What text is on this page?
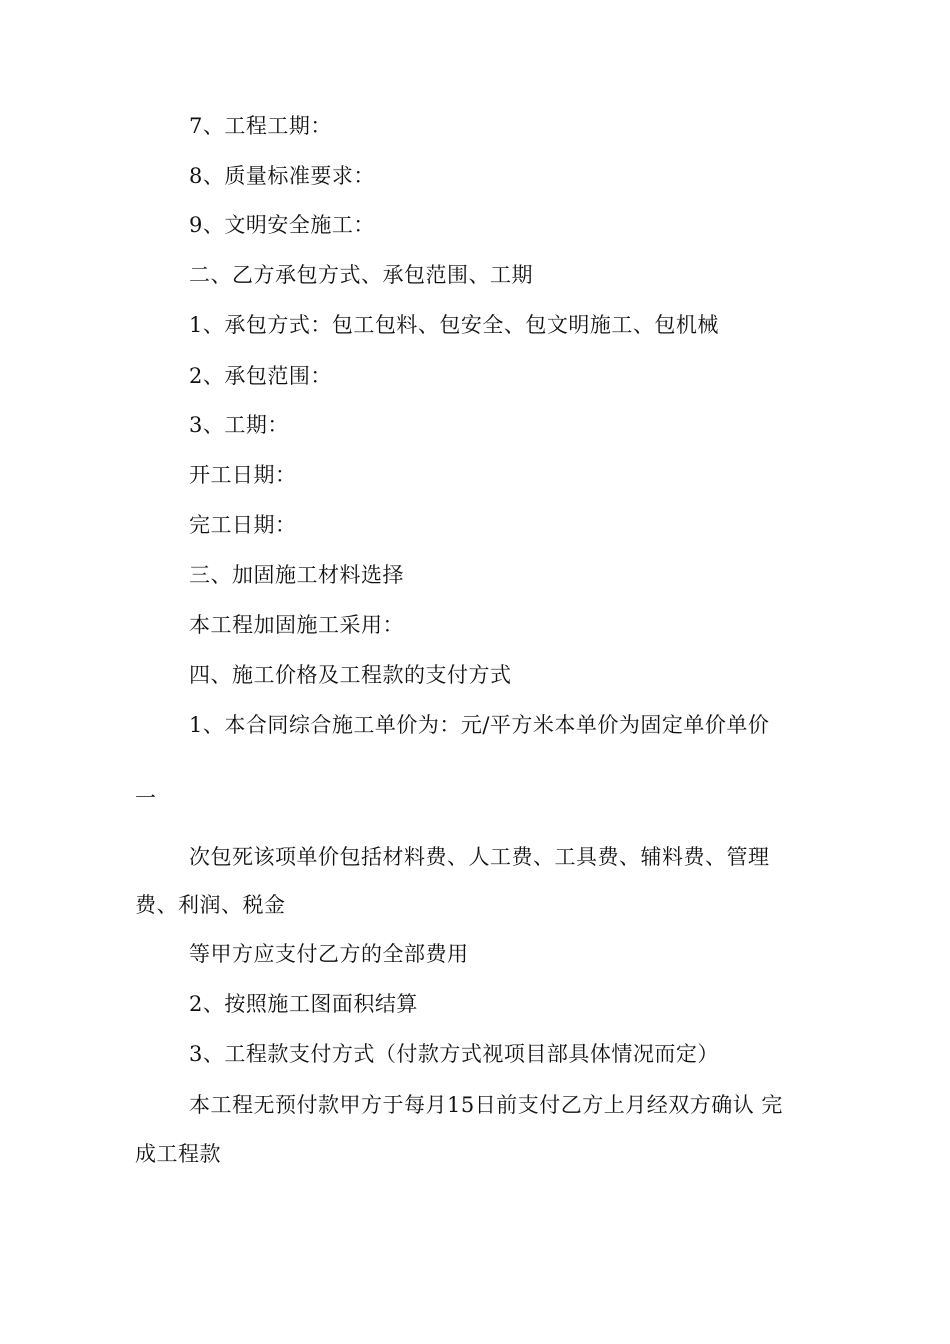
7、工程工期：
8、质量标准要求：
9、文明安全施工：
二、乙方承包方式、承包范围、工期
1、承包方式：包工包料、包安全、包文明施工、包机械
2、承包范围：
3、工期：
开工日期：
完工日期：
三、加固施工材料选择
本工程加固施工采用：
四、施工价格及工程款的支付方式
1、本合同综合施工单价为：元/平方米本单价为固定单价单价
一
次包死该项单价包括材料费、人工费、工具费、辅料费、管理
费、利润、税金
等甲方应支付乙方的全部费用
2、按照施工图面积结算
3、工程款支付方式（付款方式视项目部具体情况而定）
本工程无预付款甲方于每月15日前支付乙方上月经双方确认 完
成工程款
